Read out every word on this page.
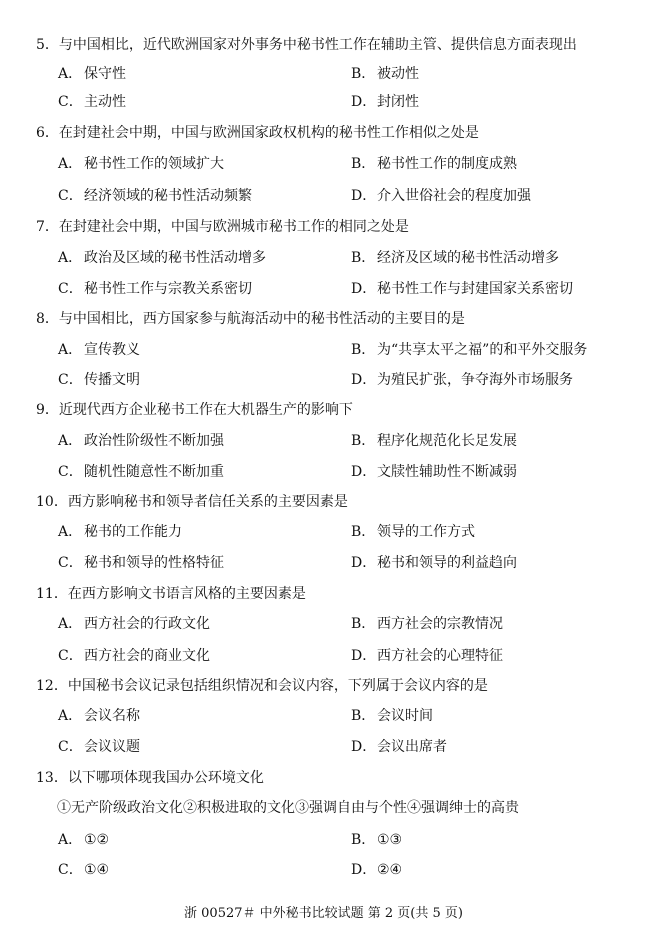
5．与中国相比，近代欧洲国家对外事务中秘书性工作在辅助主管、提供信息方面表现出
A． 保守性	B． 被动性
C．主动性	D．封闭性
6．在封建社会中期，中国与欧洲国家政权机构的秘书性工作相似之处是
A． 秘书性工作的领域扩大	B． 秘书性工作的制度成熟
C．经济领域的秘书性活动频繁	D．介入世俗社会的程度加强
7．在封建社会中期，中国与欧洲城市秘书工作的相同之处是
A． 政治及区域的秘书性活动增多	B． 经济及区域的秘书性活动增多
C．秘书性工作与宗教关系密切	D．秘书性工作与封建国家关系密切
8．与中国相比，西方国家参与航海活动中的秘书性活动的主要目的是
A． 宣传教义	B． 为“共享太平之福”的和平外交服务
C．传播文明	D．为殖民扩张，争夺海外市场服务
9．近现代西方企业秘书工作在大机器生产的影响下
A． 政治性阶级性不断加强	B． 程序化规范化长足发展
C．随机性随意性不断加重	D．文牍性辅助性不断减弱
10．西方影响秘书和领导者信任关系的主要因素是
A． 秘书的工作能力	B． 领导的工作方式
C．秘书和领导的性格特征	D．秘书和领导的利益趋向
11．在西方影响文书语言风格的主要因素是
A． 西方社会的行政文化	B． 西方社会的宗教情况
C．西方社会的商业文化	D．西方社会的心理特征
12．中国秘书会议记录包括组织情况和会议内容，下列属于会议内容的是
A． 会议名称	B． 会议时间
C．会议议题	D．会议出席者
13．以下哪项体现我国办公环境文化
①无产阶级政治文化②积极进取的文化③强调自由与个性④强调绅士的高贵
A． ①②	B． ①③
C．①④	D．②④
浙 00527＃ 中外秘书比较试题 第 2 页(共 5 页)
